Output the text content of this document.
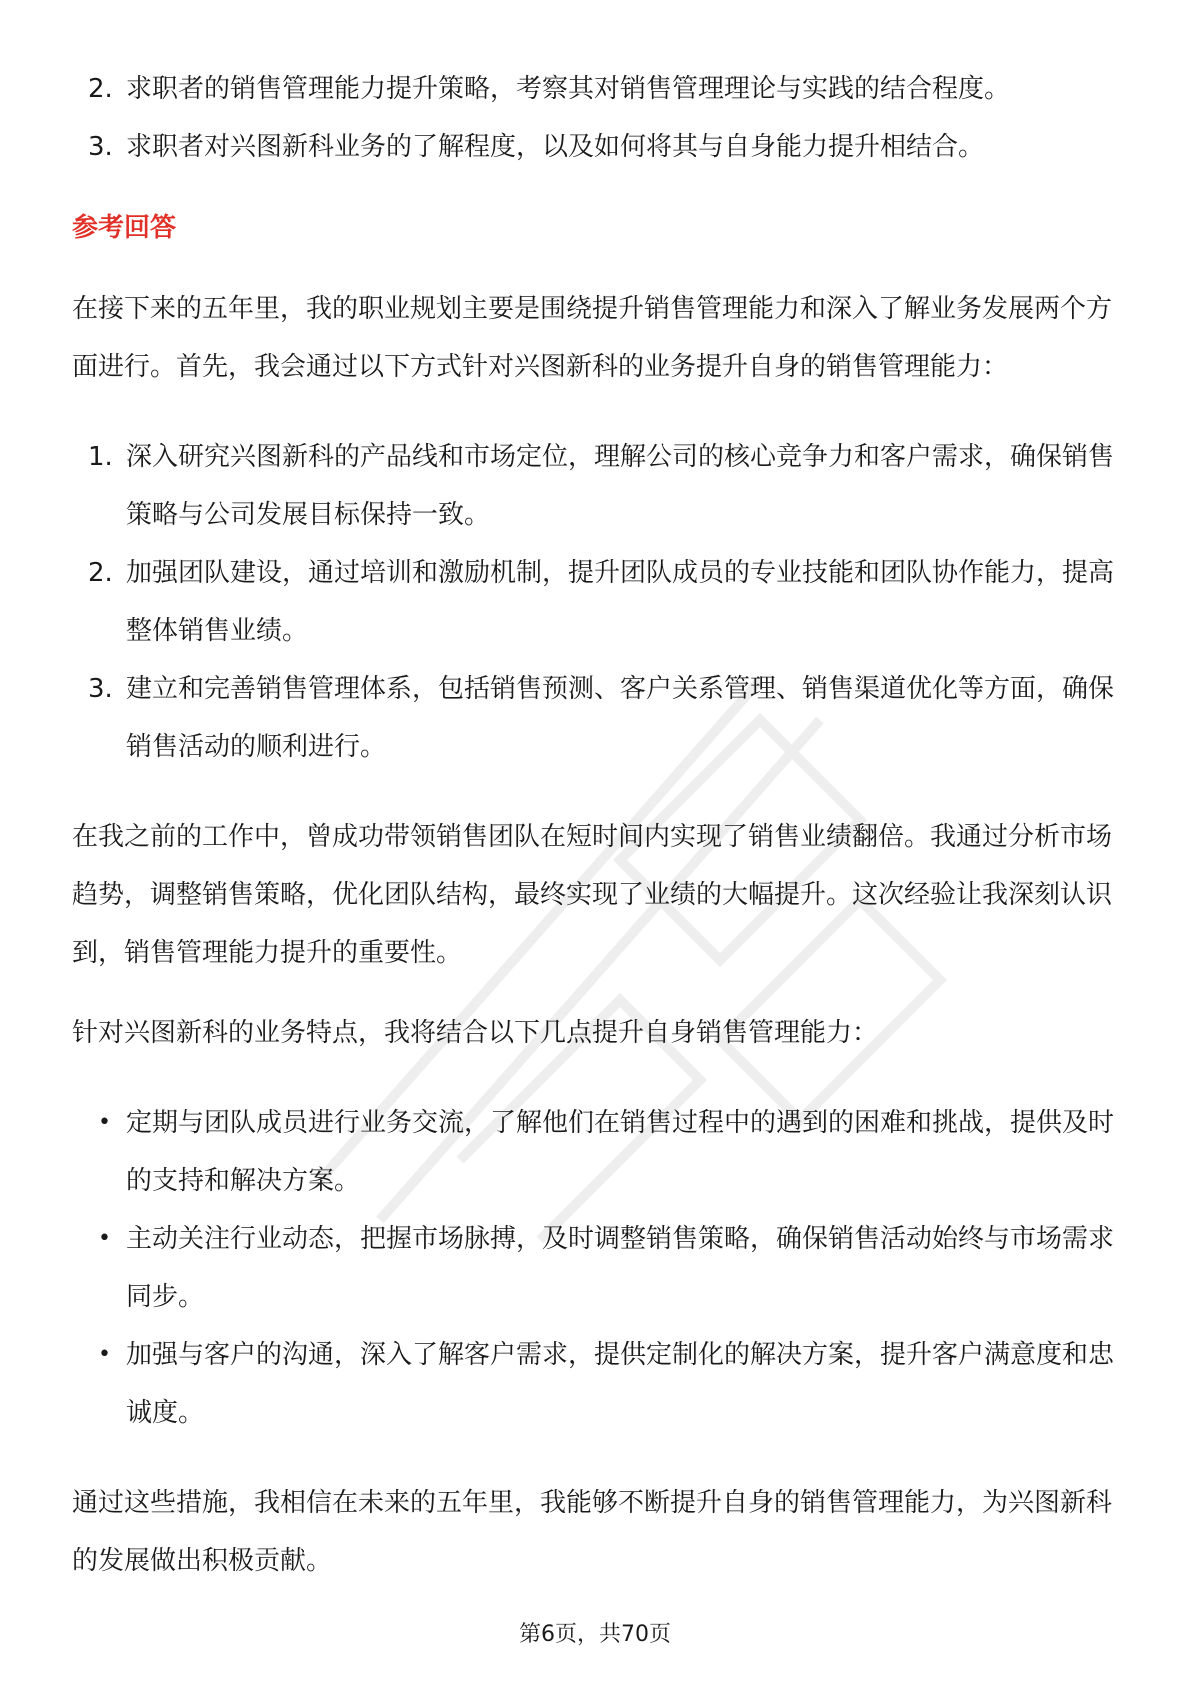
2. 求职者的销售管理能力提升策略，考察其对销售管理理论与实践的结合程度。
3. 求职者对兴图新科业务的了解程度，以及如何将其与自身能力提升相结合。
参考回答

在接下来的五年里，我的职业规划主要是围绕提升销售管理能力和深入了解业务发展两个方面进行。首先，我会通过以下方式针对兴图新科的业务提升自身的销售管理能力：

1. 深入研究兴图新科的产品线和市场定位，理解公司的核心竞争力和客户需求，确保销售策略与公司发展目标保持一致。
2. 加强团队建设，通过培训和激励机制，提升团队成员的专业技能和团队协作能力，提高整体销售业绩。
3. 建立和完善销售管理体系，包括销售预测、客户关系管理、销售渠道优化等方面，确保销售活动的顺利进行。

在我之前的工作中，曾成功带领销售团队在短时间内实现了销售业绩翻倍。我通过分析市场趋势，调整销售策略，优化团队结构，最终实现了业绩的大幅提升。这次经验让我深刻认识到，销售管理能力提升的重要性。

针对兴图新科的业务特点，我将结合以下几点提升自身销售管理能力：

• 定期与团队成员进行业务交流，了解他们在销售过程中的遇到的困难和挑战，提供及时的支持和解决方案。
• 主动关注行业动态，把握市场脉搏，及时调整销售策略，确保销售活动始终与市场需求同步。
• 加强与客户的沟通，深入了解客户需求，提供定制化的解决方案，提升客户满意度和忠诚度。

通过这些措施，我相信在未来的五年里，我能够不断提升自身的销售管理能力，为兴图新科的发展做出积极贡献。

第6页，共70页
